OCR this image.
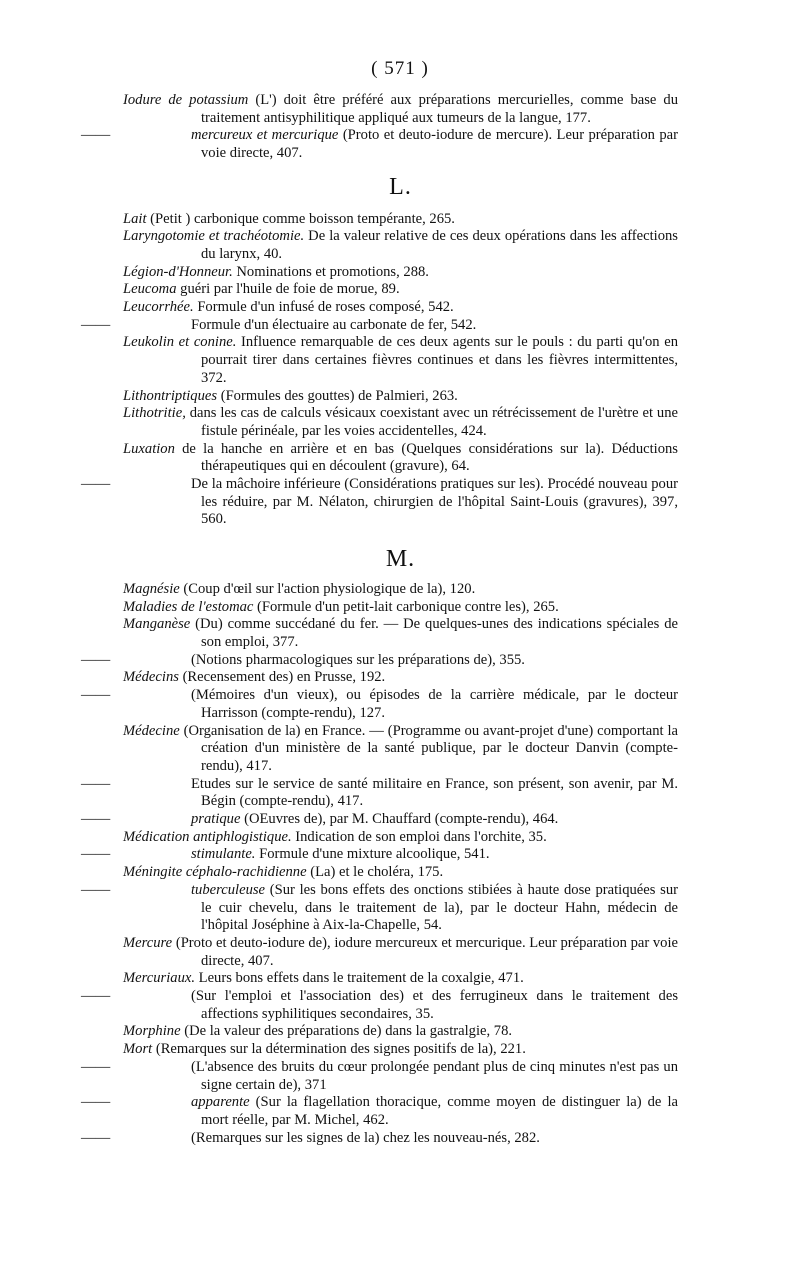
( 571 )
Iodure de potassium (L') doit être préféré aux préparations mercurielles, comme base du traitement antisyphilitique appliqué aux tumeurs de la langue, 177.
——	mercureux et mercurique (Proto et deuto-iodure de mercure). Leur préparation par voie directe, 407.
L.
Lait (Petit ) carbonique comme boisson tempérante, 265.
Laryngotomie et trachéotomie. De la valeur relative de ces deux opérations dans les affections du larynx, 40.
Légion-d'Honneur. Nominations et promotions, 288.
Leucoma guéri par l'huile de foie de morue, 89.
Leucorrhée. Formule d'un infusé de roses composé, 542.
——	Formule d'un électuaire au carbonate de fer, 542.
Leukolin et conine. Influence remarquable de ces deux agents sur le pouls : du parti qu'on en pourrait tirer dans certaines fièvres continues et dans les fièvres intermittentes, 372.
Lithontriptiques (Formules des gouttes) de Palmieri, 263.
Lithotritie, dans les cas de calculs vésicaux coexistant avec un rétrécissement de l'urètre et une fistule périnéale, par les voies accidentelles, 424.
Luxation de la hanche en arrière et en bas (Quelques considérations sur la). Déductions thérapeutiques qui en découlent (gravure), 64.
——	De la mâchoire inférieure (Considérations pratiques sur les). Procédé nouveau pour les réduire, par M. Nélaton, chirurgien de l'hôpital Saint-Louis (gravures), 397, 560.
M.
Magnésie (Coup d'œil sur l'action physiologique de la), 120.
Maladies de l'estomac (Formule d'un petit-lait carbonique contre les), 265.
Manganèse (Du) comme succédané du fer. — De quelques-unes des indications spéciales de son emploi, 377.
——	(Notions pharmacologiques sur les préparations de), 355.
Médecins (Recensement des) en Prusse, 192.
——	(Mémoires d'un vieux), ou épisodes de la carrière médicale, par le docteur Harrisson (compte-rendu), 127.
Médecine (Organisation de la) en France. — (Programme ou avant-projet d'une) comportant la création d'un ministère de la santé publique, par le docteur Danvin (compte-rendu), 417.
——	Etudes sur le service de santé militaire en France, son présent, son avenir, par M. Bégin (compte-rendu), 417.
——	pratique (OEuvres de), par M. Chauffard (compte-rendu), 464.
Médication antiphlogistique. Indication de son emploi dans l'orchite, 35.
——	stimulante. Formule d'une mixture alcoolique, 541.
Méningite céphalo-rachidienne (La) et le choléra, 175.
——	tuberculeuse (Sur les bons effets des onctions stibiées à haute dose pratiquées sur le cuir chevelu, dans le traitement de la), par le docteur Hahn, médecin de l'hôpital Joséphine à Aix-la-Chapelle, 54.
Mercure (Proto et deuto-iodure de), iodure mercureux et mercurique. Leur préparation par voie directe, 407.
Mercuriaux. Leurs bons effets dans le traitement de la coxalgie, 471.
——	(Sur l'emploi et l'association des) et des ferrugineux dans le traitement des affections syphilitiques secondaires, 35.
Morphine (De la valeur des préparations de) dans la gastralgie, 78.
Mort (Remarques sur la détermination des signes positifs de la), 221.
——	(L'absence des bruits du cœur prolongée pendant plus de cinq minutes n'est pas un signe certain de), 371
——	apparente (Sur la flagellation thoracique, comme moyen de distinguer la) de la mort réelle, par M. Michel, 462.
——	(Remarques sur les signes de la) chez les nouveau-nés, 282.
